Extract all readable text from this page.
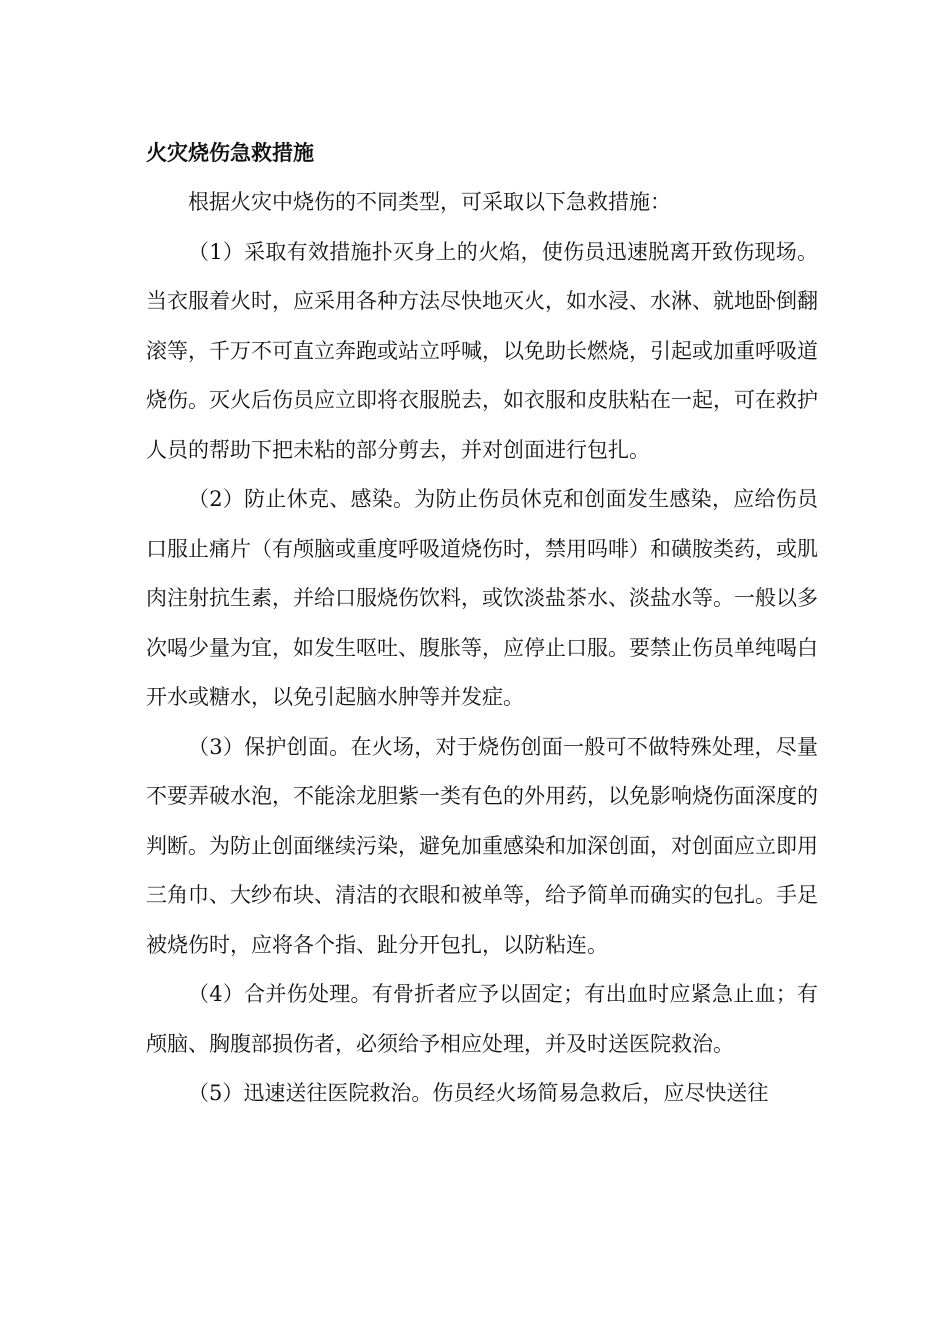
火灾烧伤急救措施

根据火灾中烧伤的不同类型，可采取以下急救措施：

（1）采取有效措施扑灭身上的火焰，使伤员迅速脱离开致伤现场。当衣服着火时，应采用各种方法尽快地灭火，如水浸、水淋、就地卧倒翻滚等，千万不可直立奔跑或站立呼喊，以免助长燃烧，引起或加重呼吸道烧伤。灭火后伤员应立即将衣服脱去，如衣服和皮肤粘在一起，可在救护人员的帮助下把未粘的部分剪去，并对创面进行包扎。

（2）防止休克、感染。为防止伤员休克和创面发生感染，应给伤员口服止痛片（有颅脑或重度呼吸道烧伤时，禁用吗啡）和磺胺类药，或肌肉注射抗生素，并给口服烧伤饮料，或饮淡盐茶水、淡盐水等。一般以多次喝少量为宜，如发生呕吐、腹胀等，应停止口服。要禁止伤员单纯喝白开水或糖水，以免引起脑水肿等并发症。

（3）保护创面。在火场，对于烧伤创面一般可不做特殊处理，尽量不要弄破水泡，不能涂龙胆紫一类有色的外用药，以免影响烧伤面深度的判断。为防止创面继续污染，避免加重感染和加深创面，对创面应立即用三角巾、大纱布块、清洁的衣眼和被单等，给予简单而确实的包扎。手足被烧伤时，应将各个指、趾分开包扎，以防粘连。

（4）合并伤处理。有骨折者应予以固定；有出血时应紧急止血；有颅脑、胸腹部损伤者，必须给予相应处理，并及时送医院救治。

（5）迅速送往医院救治。伤员经火场简易急救后，应尽快送往
